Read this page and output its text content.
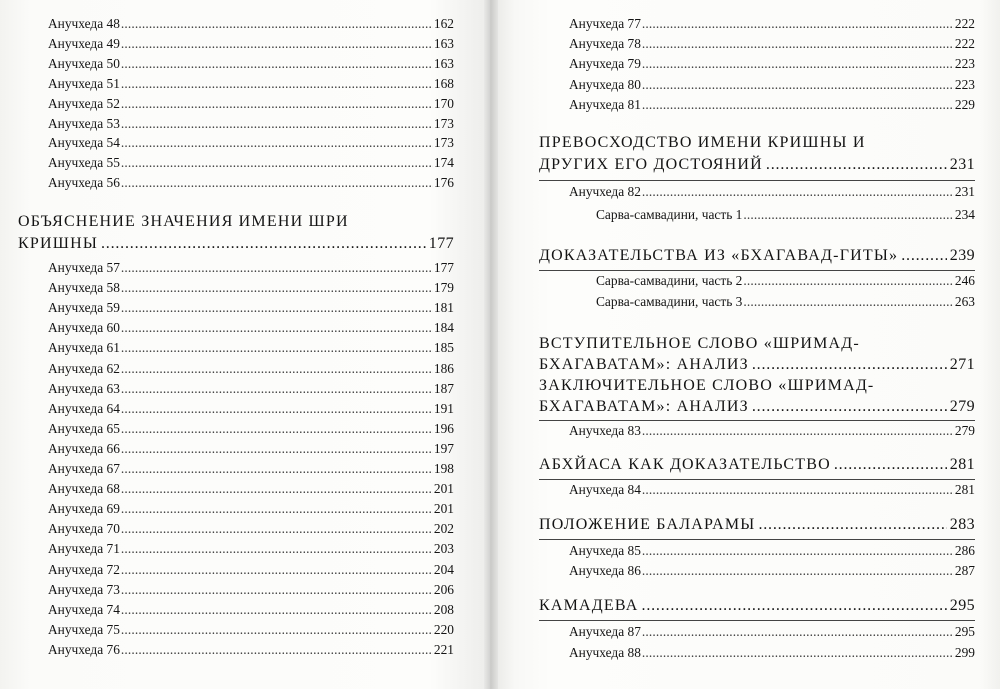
Анучхеда 48 . . .	162
Анучхеда 49 . . .	163
Анучхеда 50 . . .	163
Анучхеда 51 . . .	168
Анучхеда 52 . . .	170
Анучхеда 53 . . .	173
Анучхеда 54 . . .	173
Анучхеда 55 . . .	174
Анучхеда 56 . . .	176
ОБЪЯСНЕНИЕ ЗНАЧЕНИЯ ИМЕНИ ШРИ
КРИШНЫ . . .	177
Анучхеда 57 . . .	177
Анучхеда 58 . . .	179
Анучхеда 59 . . .	181
Анучхеда 60 . . .	184
Анучхеда 61 . . .	185
Анучхеда 62 . . .	186
Анучхеда 63 . . .	187
Анучхеда 64 . . .	191
Анучхеда 65 . . .	196
Анучхеда 66 . . .	197
Анучхеда 67 . . .	198
Анучхеда 68 . . .	201
Анучхеда 69 . . .	201
Анучхеда 70 . . .	202
Анучхеда 71 . . .	203
Анучхеда 72 . . .	204
Анучхеда 73 . . .	206
Анучхеда 74 . . .	208
Анучхеда 75 . . .	220
Анучхеда 76 . . .	221
Анучхеда 77 . . .	222
Анучхеда 78 . . .	222
Анучхеда 79 . . .	223
Анучхеда 80 . . .	223
Анучхеда 81 . . .	229
ПРЕВОСХОДСТВО ИМЕНИ КРИШНЫ И
ДРУГИХ ЕГО ДОСТОЯНИЙ . . .	231
Анучхеда 82 . . .	231
Сарва-самвадини, часть 1 . . .	234
ДОКАЗАТЕЛЬСТВА ИЗ «БХАГАВАД-ГИТЫ» . . .	239
Сарва-самвадини, часть 2 . . .	246
Сарва-самвадини, часть 3 . . .	263
ВСТУПИТЕЛЬНОЕ СЛОВО «ШРИМАД-
БХАГАВАТАМ»: АНАЛИЗ . . .	271
ЗАКЛЮЧИТЕЛЬНОЕ СЛОВО «ШРИМАД-
БХАГАВАТАМ»: АНАЛИЗ . . .	279
Анучхеда 83 . . .	279
АБХЙАСА КАК ДОКАЗАТЕЛЬСТВО . . .	281
Анучхеда 84 . . .	281
ПОЛОЖЕНИЕ БАЛАРАМЫ . . .	283
Анучхеда 85 . . .	286
Анучхеда 86 . . .	287
КАМАДЕВА . . .	295
Анучхеда 87 . . .	295
Анучхеда 88 . . .	299
